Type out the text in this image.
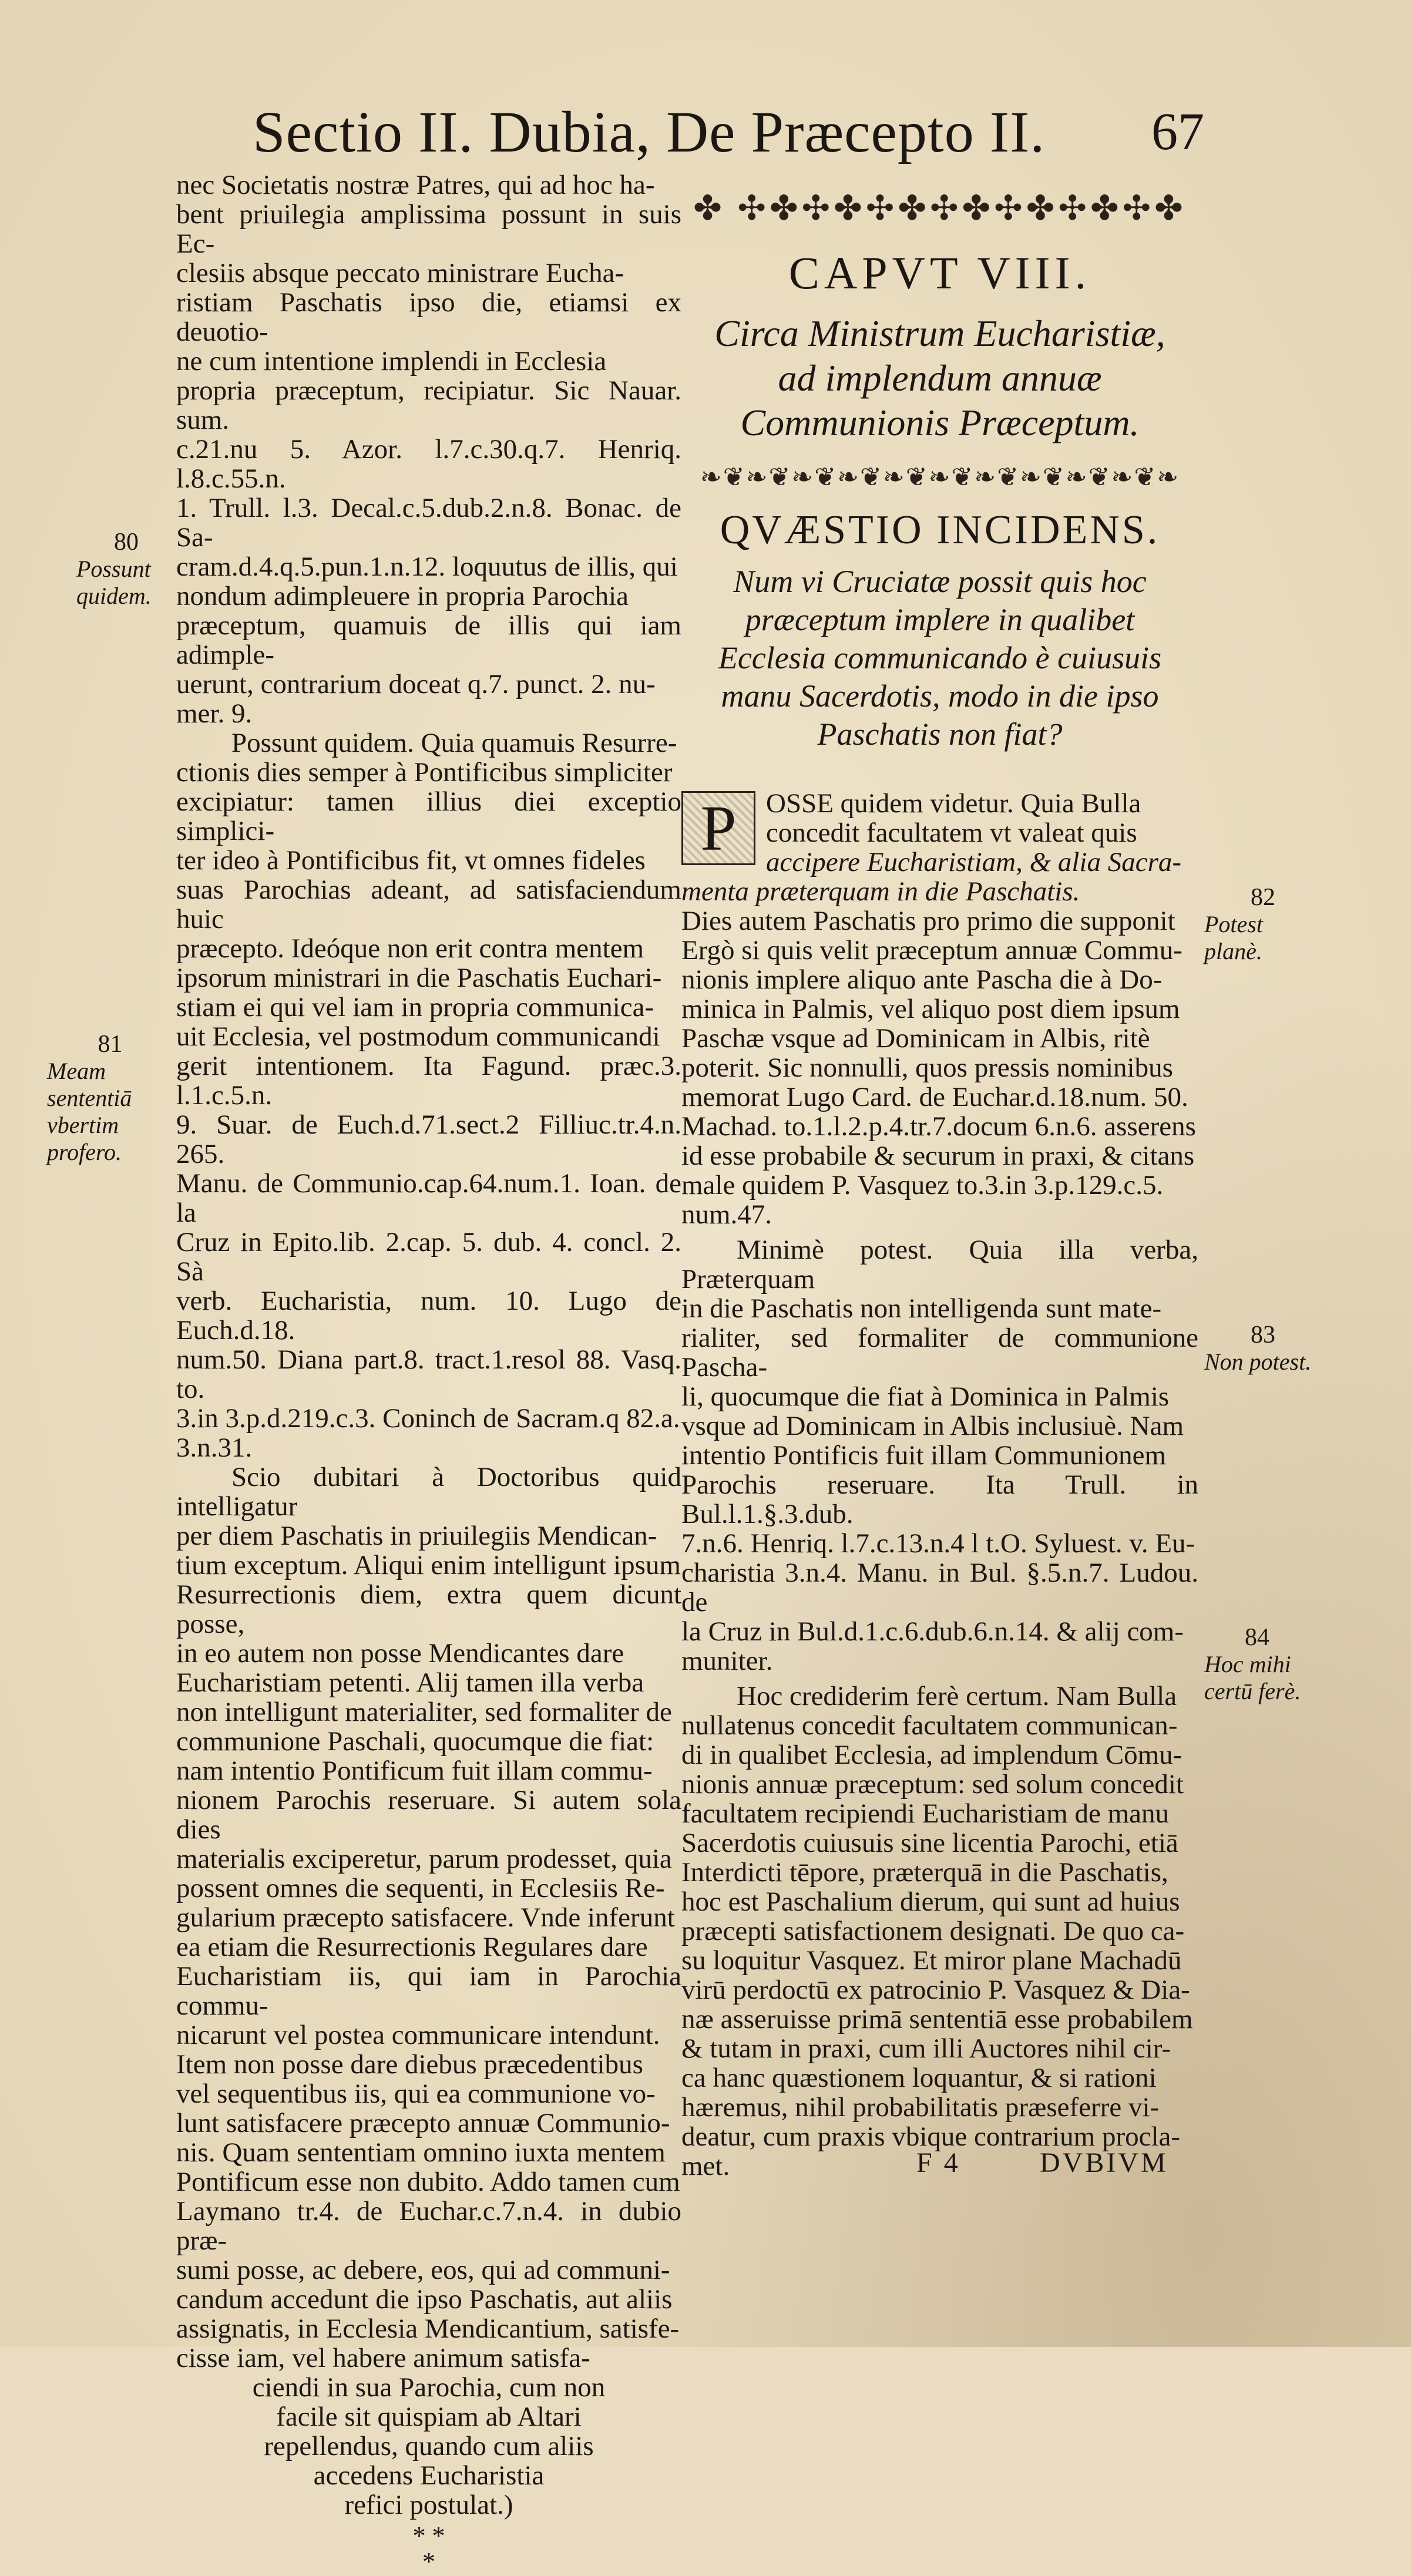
Sectio II. Dubia, De Præcepto II. 67
nec Societatis nostræ Patres, qui ad hoc ha-
bent priuilegia amplissima possunt in suis Ec-
clesiis absque peccato ministrare Eucha-
ristiam Paschatis ipso die, etiamsi ex deuotio-
ne cum intentione implendi in Ecclesia
propria præceptum, recipiatur. Sic Nauar. sum.
c.21.nu 5. Azor. l.7.c.30.q.7. Henriq. l.8.c.55.n.
1. Trull. l.3. Decal.c.5.dub.2.n.8. Bonac. de Sa-
cram.d.4.q.5.pun.1.n.12. loquutus de illis, qui
nondum adimpleuere in propria Parochia
præceptum, quamuis de illis qui iam adimple-
uerunt, contrarium doceat q.7. punct. 2. nu-
mer. 9.
Possunt quidem. Quia quamuis Resurre-
ctionis dies semper à Pontificibus simpliciter
excipiatur: tamen illius diei exceptio simplici-
ter ideo à Pontificibus fit, vt omnes fideles
suas Parochias adeant, ad satisfaciendum huic
præcepto. Ideóque non erit contra mentem
ipsorum ministrari in die Paschatis Euchari-
stiam ei qui vel iam in propria communica-
uit Ecclesia, vel postmodum communicandi
gerit intentionem. Ita Fagund. præc.3. l.1.c.5.n.
9. Suar. de Euch.d.71.sect.2 Filliuc.tr.4.n. 265.
Manu. de Communio.cap.64.num.1. Ioan. de la
Cruz in Epito.lib. 2.cap. 5. dub. 4. concl. 2. Sà
verb. Eucharistia, num. 10. Lugo de Euch.d.18.
num.50. Diana part.8. tract.1.resol 88. Vasq. to.
3.in 3.p.d.219.c.3. Coninch de Sacram.q 82.a.
3.n.31.
Scio dubitari à Doctoribus quid intelligatur
per diem Paschatis in priuilegiis Mendican-
tium exceptum. Aliqui enim intelligunt ipsum
Resurrectionis diem, extra quem dicunt posse,
in eo autem non posse Mendicantes dare
Eucharistiam petenti. Alij tamen illa verba
non intelligunt materialiter, sed formaliter de
communione Paschali, quocumque die fiat:
nam intentio Pontificum fuit illam commu-
nionem Parochis reseruare. Si autem sola dies
materialis exciperetur, parum prodesset, quia
possent omnes die sequenti, in Ecclesiis Re-
gularium præcepto satisfacere. Vnde inferunt
ea etiam die Resurrectionis Regulares dare
Eucharistiam iis, qui iam in Parochia commu-
nicarunt vel postea communicare intendunt.
Item non posse dare diebus præcedentibus
vel sequentibus iis, qui ea communione vo-
lunt satisfacere præcepto annuæ Communio-
nis. Quam sententiam omnino iuxta mentem
Pontificum esse non dubito. Addo tamen cum
Laymano tr.4. de Euchar.c.7.n.4. in dubio præ-
sumi posse, ac debere, eos, qui ad communi-
candum accedunt die ipso Paschatis, aut aliis
assignatis, in Ecclesia Mendicantium, satisfe-
cisse iam, vel habere animum satisfa-
ciendi in sua Parochia, cum non
facile sit quispiam ab Altari
repellendus, quando cum aliis
accedens Eucharistia
refici postulat.)
* *
*
✤ ✣✤✣✤✣✤✣✤✣✤✣✤✣✤
CAPVT VIII.
Circa Ministrum Eucharistiæ, ad implendum annuæ Communionis Præceptum.
❧❦❧❦❧❦❧❦❧❦❧❦❧❦❧❦❧❦❧❦❧
QVÆSTIO INCIDENS.
Num vi Cruciatæ possit quis hoc præceptum implere in qualibet Ecclesia communicando è cuiusuis manu Sacerdotis, modo in die ipso Paschatis non fiat?
P	OSSE quidem videtur. Quia Bulla
concedit facultatem vt valeat quis
accipere Eucharistiam, & alia Sacra-
menta præterquam in die Paschatis.
Dies autem Paschatis pro primo die supponit
Ergò si quis velit præceptum annuæ Commu-
nionis implere aliquo ante Pascha die à Do-
minica in Palmis, vel aliquo post diem ipsum
Paschæ vsque ad Dominicam in Albis, ritè
poterit. Sic nonnulli, quos pressis nominibus
memorat Lugo Card. de Euchar.d.18.num. 50.
Machad. to.1.l.2.p.4.tr.7.docum 6.n.6. asserens
id esse probabile & securum in praxi, & citans
male quidem P. Vasquez to.3.in 3.p.129.c.5.
num.47.
Minimè potest. Quia illa verba, Præterquam
in die Paschatis non intelligenda sunt mate-
rialiter, sed formaliter de communione Pascha-
li, quocumque die fiat à Dominica in Palmis
vsque ad Dominicam in Albis inclusiuè. Nam
intentio Pontificis fuit illam Communionem
Parochis reseruare. Ita Trull. in Bul.l.1.§.3.dub.
7.n.6. Henriq. l.7.c.13.n.4 l t.O. Syluest. v. Eu-
charistia 3.n.4. Manu. in Bul. §.5.n.7. Ludou. de
la Cruz in Bul.d.1.c.6.dub.6.n.14. & alij com-
muniter.
Hoc crediderim ferè certum. Nam Bulla
nullatenus concedit facultatem communican-
di in qualibet Ecclesia, ad implendum Cōmu-
nionis annuæ præceptum: sed solum concedit
facultatem recipiendi Eucharistiam de manu
Sacerdotis cuiusuis sine licentia Parochi, etiā
Interdicti tēpore, præterquā in die Paschatis,
hoc est Paschalium dierum, qui sunt ad huius
præcepti satisfactionem designati. De quo ca-
su loquitur Vasquez. Et miror plane Machadū
virū perdoctū ex patrocinio P. Vasquez & Dia-
næ asseruisse primā sententiā esse probabilem
& tutam in praxi, cum illi Auctores nihil cir-
ca hanc quæstionem loquantur, & si rationi
hæremus, nihil probabilitatis præseferre vi-
deatur, cum praxis vbique contrarium procla-
met.
80
Possunt quidem.
81
Meam sententiā vbertim profero.
82
Potest planè.
83
Non potest.
84
Hoc mihi certū ferè.
F 4	DVBIVM
